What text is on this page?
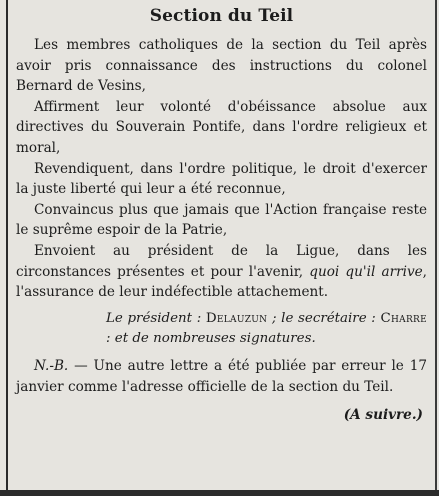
Section du Teil

Les membres catholiques de la section du Teil après avoir pris connaissance des instructions du colonel Bernard de Vesins,

Affirment leur volonté d'obéissance absolue aux directives du Souverain Pontife, dans l'ordre religieux et moral,

Revendiquent, dans l'ordre politique, le droit d'exercer la juste liberté qui leur a été reconnue,

Convaincus plus que jamais que l'Action française reste le suprême espoir de la Patrie,

Envoient au président de la Ligue, dans les circonstances présentes et pour l'avenir, quoi qu'il arrive, l'assurance de leur indéfectible attachement.

Le président : Delauzun ; le secrétaire : Charre : et de nombreuses signatures.

N.-B. — Une autre lettre a été publiée par erreur le 17 janvier comme l'adresse officielle de la section du Teil.

(A suivre.)
